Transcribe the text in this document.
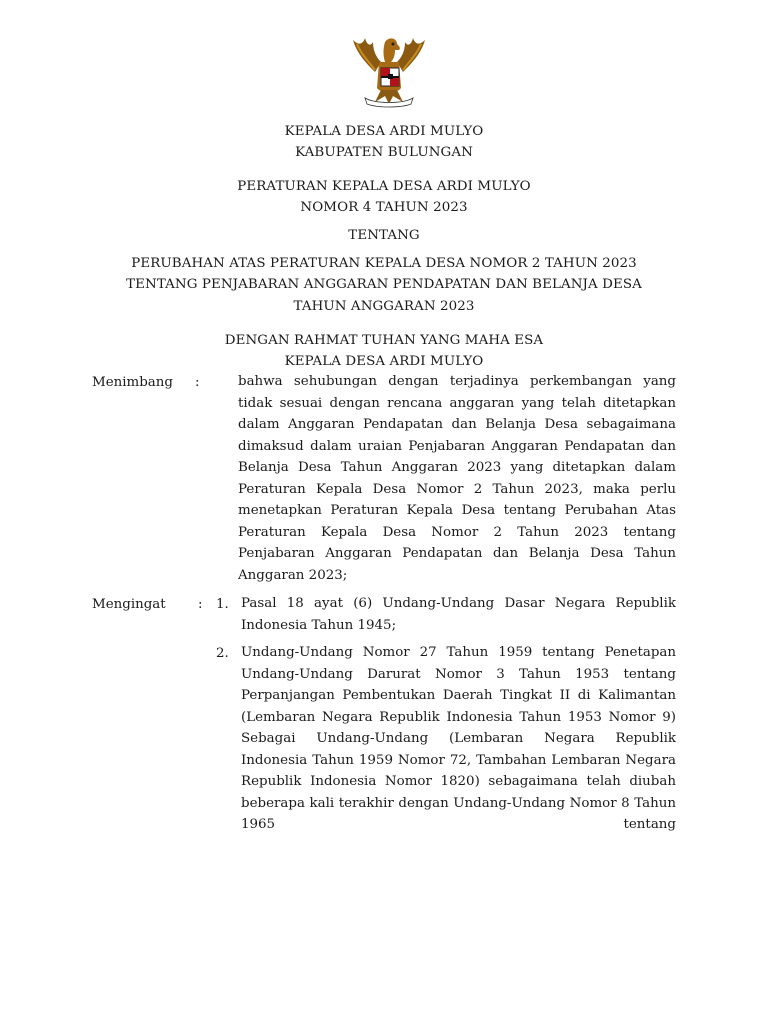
KEPALA DESA ARDI MULYO
KABUPATEN BULUNGAN
PERATURAN KEPALA DESA ARDI MULYO
NOMOR 4 TAHUN 2023
TENTANG
PERUBAHAN ATAS PERATURAN KEPALA DESA NOMOR 2 TAHUN 2023
TENTANG PENJABARAN ANGGARAN PENDAPATAN DAN BELANJA DESA
TAHUN ANGGARAN 2023
DENGAN RAHMAT TUHAN YANG MAHA ESA
KEPALA DESA ARDI MULYO
Menimbang :	bahwa sehubungan dengan terjadinya perkembangan yang tidak sesuai dengan rencana anggaran yang telah ditetapkan dalam Anggaran Pendapatan dan Belanja Desa sebagaimana dimaksud dalam uraian Penjabaran Anggaran Pendapatan dan Belanja Desa Tahun Anggaran 2023 yang ditetapkan dalam Peraturan Kepala Desa Nomor 2 Tahun 2023, maka perlu menetapkan Peraturan Kepala Desa tentang Perubahan Atas Peraturan Kepala Desa Nomor 2 Tahun 2023 tentang Penjabaran Anggaran Pendapatan dan Belanja Desa Tahun Anggaran 2023;

Mengingat : 1. Pasal 18 ayat (6) Undang-Undang Dasar Negara Republik Indonesia Tahun 1945;

2. Undang-Undang Nomor 27 Tahun 1959 tentang Penetapan Undang-Undang Darurat Nomor 3 Tahun 1953 tentang Perpanjangan Pembentukan Daerah Tingkat II di Kalimantan (Lembaran Negara Republik Indonesia Tahun 1953 Nomor 9) Sebagai Undang-Undang (Lembaran Negara Republik Indonesia Tahun 1959 Nomor 72, Tambahan Lembaran Negara Republik Indonesia Nomor 1820) sebagaimana telah diubah beberapa kali terakhir dengan Undang-Undang Nomor 8 Tahun 1965 tentang
